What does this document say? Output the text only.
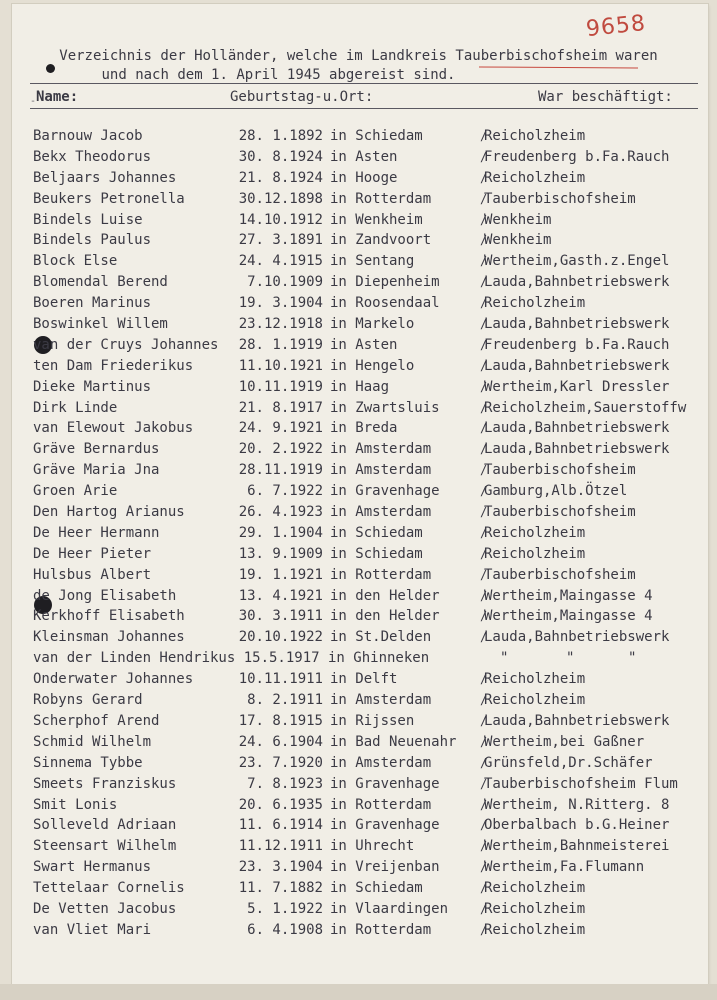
9658
Verzeichnis der Holländer, welche im Landkreis Tauberbischofsheim waren
und nach dem 1. April 1945 abgereist sind.
Name:	Geburtstag-u.Ort:	War beschäftigt:
-
Barnouw Jacob	28. 1.1892 in Schiedam	/ Reicholzheim
Bekx Theodorus	30. 8.1924 in Asten	/ Freudenberg b.Fa.Rauch
Beljaars Johannes	21. 8.1924 in Hooge	/ Reicholzheim
Beukers Petronella	30.12.1898 in Rotterdam	/ Tauberbischofsheim
Bindels Luise	14.10.1912 in Wenkheim	/ Wenkheim
Bindels Paulus	27. 3.1891 in Zandvoort	/ Wenkheim
Block Else	24. 4.1915 in Sentang	/ Wertheim,Gasth.z.Engel
Blomendal Berend	7.10.1909 in Diepenheim	/ Lauda,Bahnbetriebswerk
Boeren Marinus	19. 3.1904 in Roosendaal	/ Reicholzheim
Boswinkel Willem	23.12.1918 in Markelo	/ Lauda,Bahnbetriebswerk
van der Cruys Johannes	28. 1.1919 in Asten	/ Freudenberg b.Fa.Rauch
ten Dam Friederikus	11.10.1921 in Hengelo	/ Lauda,Bahnbetriebswerk
Dieke Martinus	10.11.1919 in Haag	/ Wertheim,Karl Dressler
Dirk Linde	21. 8.1917 in Zwartsluis	/ Reicholzheim,Sauerstoffw
van Elewout Jakobus	24. 9.1921 in Breda	/ Lauda,Bahnbetriebswerk
Gräve Bernardus	20. 2.1922 in Amsterdam	/ Lauda,Bahnbetriebswerk
Gräve Maria Jna	28.11.1919 in Amsterdam	/ Tauberbischofsheim
Groen Arie	6. 7.1922 in Gravenhage	/ Gamburg,Alb.Ötzel
Den Hartog Arianus	26. 4.1923 in Amsterdam	/ Tauberbischofsheim
De Heer Hermann	29. 1.1904 in Schiedam	/ Reicholzheim
De Heer Pieter	13. 9.1909 in Schiedam	/ Reicholzheim
Hulsbus Albert	19. 1.1921 in Rotterdam	/ Tauberbischofsheim
de Jong Elisabeth	13. 4.1921 in den Helder	/ Wertheim,Maingasse 4
Kerkhoff Elisabeth	30. 3.1911 in den Helder	/ Wertheim,Maingasse 4
Kleinsman Johannes	20.10.1922 in St.Delden	/ Lauda,Bahnbetriebswerk
van der Linden Hendrikus 15.5.1917 in Ghinneken	"	"	"
Onderwater Johannes	10.11.1911 in Delft	/ Reicholzheim
Robyns Gerard	8. 2.1911 in Amsterdam	/ Reicholzheim
Scherphof Arend	17. 8.1915 in Rijssen	/ Lauda,Bahnbetriebswerk
Schmid Wilhelm	24. 6.1904 in Bad Neuenahr / Wertheim,bei Gaßner
Sinnema Tybbe	23. 7.1920 in Amsterdam	/ Grünsfeld,Dr.Schäfer
Smeets Franziskus	7. 8.1923 in Gravenhage	/ Tauberbischofsheim Flum
Smit Lonis	20. 6.1935 in Rotterdam	/ Wertheim, N.Ritterg. 8
Solleveld Adriaan	11. 6.1914 in Gravenhage	/ Oberbalbach b.G.Heiner
Steensart Wilhelm	11.12.1911 in Uhrecht	/ Wertheim,Bahnmeisterei
Swart Hermanus	23. 3.1904 in Vreijenban	/ Wertheim,Fa.Flumann
Tettelaar Cornelis	11. 7.1882 in Schiedam	/ Reicholzheim
De Vetten Jacobus	5. 1.1922 in Vlaardingen	/ Reicholzheim
van Vliet Mari	6. 4.1908 in Rotterdam	/ Reicholzheim
